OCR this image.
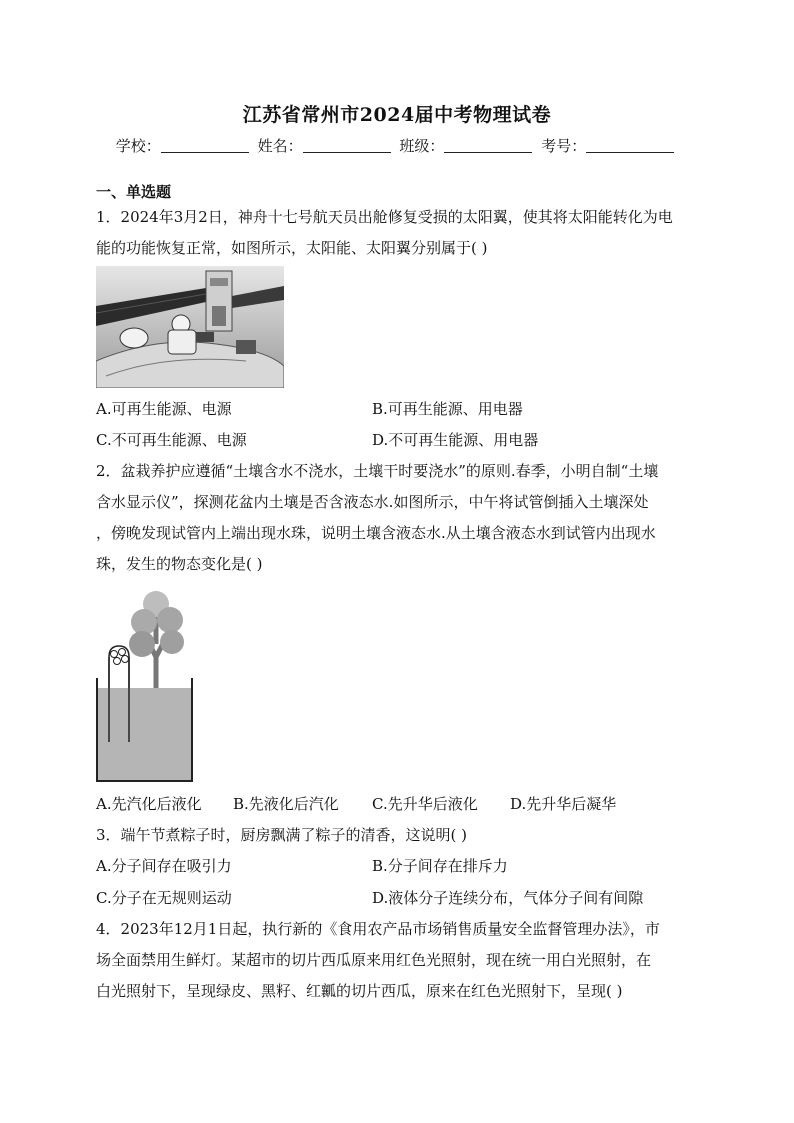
江苏省常州市2024届中考物理试卷
学校：	姓名：	班级：	考号：
一、单选题
1．2024年3月2日，神舟十七号航天员出舱修复受损的太阳翼，使其将太阳能转化为电
能的功能恢复正常，如图所示，太阳能、太阳翼分别属于( )
A.可再生能源、电源	B.可再生能源、用电器
C.不可再生能源、电源	D.不可再生能源、用电器
2．盆栽养护应遵循“土壤含水不浇水，土壤干时要浇水”的原则.春季，小明自制“土壤
含水显示仪”，探测花盆内土壤是否含液态水.如图所示，中午将试管倒插入土壤深处
，傍晚发现试管内上端出现水珠，说明土壤含液态水.从土壤含液态水到试管内出现水
珠，发生的物态变化是( )
A.先汽化后液化 B.先液化后汽化 C.先升华后液化 D.先升华后凝华
3．端午节煮粽子时，厨房飘满了粽子的清香，这说明( )
A.分子间存在吸引力	B.分子间存在排斥力
C.分子在无规则运动	D.液体分子连续分布，气体分子间有间隙
4．2023年12月1日起，执行新的《食用农产品市场销售质量安全监督管理办法》，市
场全面禁用生鲜灯。某超市的切片西瓜原来用红色光照射，现在统一用白光照射，在
白光照射下，呈现绿皮、黑籽、红瓤的切片西瓜，原来在红色光照射下，呈现( )
